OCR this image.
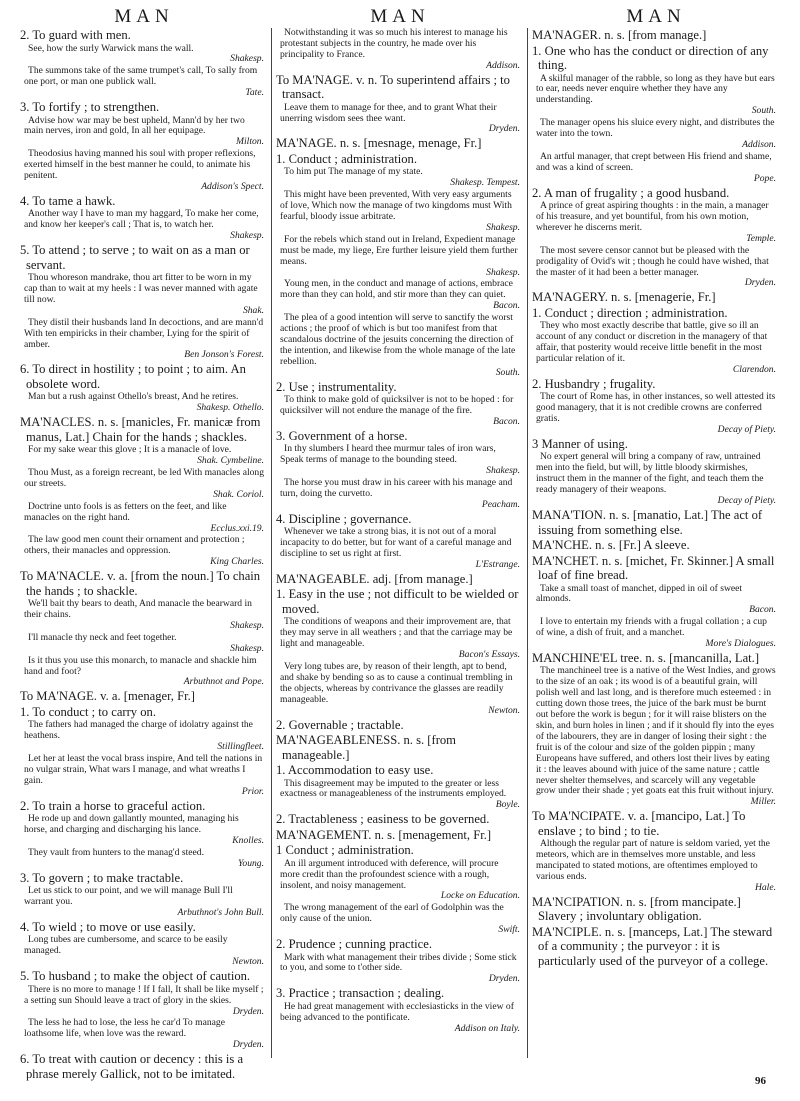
MAN	MAN	MAN

2. To guard with men.

See, how the surly Warwick mans the wall.

Shakesp.

The summons take of the same trumpet's call, To sally from one port, or man one publick wall.

Tate.

3. To fortify ; to strengthen.

Advise how war may be best upheld, Mann'd by her two main nerves, iron and gold, In all her equipage.

Milton.

Theodosius having manned his soul with proper reflexions, exerted himself in the best manner he could, to animate his penitent.

Addison's Spect.

4. To tame a hawk.

Another way I have to man my haggard, To make her come, and know her keeper's call ; That is, to watch her.

Shakesp.

5. To attend ; to serve ; to wait on as a man or servant.

Thou whoreson mandrake, thou art fitter to be worn in my cap than to wait at my heels : I was never manned with agate till now.

Shak.

They distil their husbands land In decoctions, and are mann'd With ten empiricks in their chamber, Lying for the spirit of amber.

Ben Jonson's Forest.

6. To direct in hostility ; to point ; to aim. An obsolete word.

Man but a rush against Othello's breast, And he retires.

Shakesp. Othello.

MA'NACLES. n. s. [manicles, Fr. manicæ from manus, Lat.] Chain for the hands ; shackles.

For my sake wear this glove ; It is a manacle of love.

Shak. Cymbeline.

Thou Must, as a foreign recreant, be led With manacles along our streets.

Shak. Coriol.

Doctrine unto fools is as fetters on the feet, and like manacles on the right hand.

Ecclus.xxi.19.

The law good men count their ornament and protection ; others, their manacles and oppression.

King Charles.

To MA'NACLE. v. a. [from the noun.] To chain the hands ; to shackle.

We'll bait thy bears to death, And manacle the bearward in their chains.

Shakesp.

I'll manacle thy neck and feet together.

Shakesp.

Is it thus you use this monarch, to manacle and shackle him hand and foot?

Arbuthnot and Pope.

To MA'NAGE. v. a. [menager, Fr.]

1. To conduct ; to carry on.

The fathers had managed the charge of idolatry against the heathens.

Stillingfleet.

Let her at least the vocal brass inspire, And tell the nations in no vulgar strain, What wars I manage, and what wreaths I gain.

Prior.

2. To train a horse to graceful action.

He rode up and down gallantly mounted, managing his horse, and charging and discharging his lance.

Knolles.

They vault from hunters to the manag'd steed.

Young.

3. To govern ; to make tractable.

Let us stick to our point, and we will manage Bull I'll warrant you.

Arbuthnot's John Bull.

4. To wield ; to move or use easily.

Long tubes are cumbersome, and scarce to be easily managed.

Newton.

5. To husband ; to make the object of caution.

There is no more to manage ! If I fall, It shall be like myself ; a setting sun Should leave a tract of glory in the skies.

Dryden.

The less he had to lose, the less he car'd To manage loathsome life, when love was the reward.

Dryden.

6. To treat with caution or decency : this is a phrase merely Gallick, not to be imitated.

Notwithstanding it was so much his interest to manage his protestant subjects in the country, he made over his principality to France.

Addison.

To MA'NAGE. v. n. To superintend affairs ; to transact.

Leave them to manage for thee, and to grant What their unerring wisdom sees thee want.

Dryden.

MA'NAGE. n. s. [mesnage, menage, Fr.]

1. Conduct ; administration.

To him put The manage of my state.

Shakesp. Tempest.

This might have been prevented, With very easy arguments of love, Which now the manage of two kingdoms must With fearful, bloody issue arbitrate.

Shakesp.

For the rebels which stand out in Ireland, Expedient manage must be made, my liege, Ere further leisure yield them further means.

Shakesp.

Young men, in the conduct and manage of actions, embrace more than they can hold, and stir more than they can quiet.

Bacon.

The plea of a good intention will serve to sanctify the worst actions ; the proof of which is but too manifest from that scandalous doctrine of the jesuits concerning the direction of the intention, and likewise from the whole manage of the late rebellion.

South.

2. Use ; instrumentality.

To think to make gold of quicksilver is not to be hoped : for quicksilver will not endure the manage of the fire.

Bacon.

3. Government of a horse.

In thy slumbers I heard thee murmur tales of iron wars, Speak terms of manage to the bounding steed.

Shakesp.

The horse you must draw in his career with his manage and turn, doing the curvetto.

Peacham.

4. Discipline ; governance.

Whenever we take a strong bias, it is not out of a moral incapacity to do better, but for want of a careful manage and discipline to set us right at first.

L'Estrange.

MA'NAGEABLE. adj. [from manage.]

1. Easy in the use ; not difficult to be wielded or moved.

The conditions of weapons and their improvement are, that they may serve in all weathers ; and that the carriage may be light and manageable.

Bacon's Essays.

Very long tubes are, by reason of their length, apt to bend, and shake by bending so as to cause a continual trembling in the objects, whereas by contrivance the glasses are readily manageable.

Newton.

2. Governable ; tractable.

MA'NAGEABLENESS. n. s. [from manageable.]

1. Accommodation to easy use.

This disagreement may be imputed to the greater or less exactness or manageableness of the instruments employed.

Boyle.

2. Tractableness ; easiness to be governed.

MA'NAGEMENT. n. s. [menagement, Fr.]

1 Conduct ; administration.

An ill argument introduced with deference, will procure more credit than the profoundest science with a rough, insolent, and noisy management.

Locke on Education.

The wrong management of the earl of Godolphin was the only cause of the union.

Swift.

2. Prudence ; cunning practice.

Mark with what management their tribes divide ; Some stick to you, and some to t'other side.

Dryden.

3. Practice ; transaction ; dealing.

He had great management with ecclesiasticks in the view of being advanced to the pontificate.

Addison on Italy.

MA'NAGER. n. s. [from manage.]

1. One who has the conduct or direction of any thing.

A skilful manager of the rabble, so long as they have but ears to ear, needs never enquire whether they have any understanding.

South.

The manager opens his sluice every night, and distributes the water into the town.

Addison.

An artful manager, that crept between His friend and shame, and was a kind of screen.

Pope.

2. A man of frugality ; a good husband.

A prince of great aspiring thoughts : in the main, a manager of his treasure, and yet bountiful, from his own motion, wherever he discerns merit.

Temple.

The most severe censor cannot but be pleased with the prodigality of Ovid's wit ; though he could have wished, that the master of it had been a better manager.

Dryden.

MA'NAGERY. n. s. [menagerie, Fr.]

1. Conduct ; direction ; administration.

They who most exactly describe that battle, give so ill an account of any conduct or discretion in the managery of that affair, that posterity would receive little benefit in the most particular relation of it.

Clarendon.

2. Husbandry ; frugality.

The court of Rome has, in other instances, so well attested its good managery, that it is not credible crowns are conferred gratis.

Decay of Piety.

3 Manner of using.

No expert general will bring a company of raw, untrained men into the field, but will, by little bloody skirmishes, instruct them in the manner of the fight, and teach them the ready managery of their weapons.

Decay of Piety.

MANA'TION. n. s. [manatio, Lat.] The act of issuing from something else.

MA'NCHE. n. s. [Fr.] A sleeve.

MA'NCHET. n. s. [michet, Fr. Skinner.] A small loaf of fine bread.

Take a small toast of manchet, dipped in oil of sweet almonds.

Bacon.

I love to entertain my friends with a frugal collation ; a cup of wine, a dish of fruit, and a manchet.

More's Dialogues.

MANCHINE'EL tree. n. s. [mancanilla, Lat.]

The manchineel tree is a native of the West Indies, and grows to the size of an oak ; its wood is of a beautiful grain, will polish well and last long, and is therefore much esteemed : in cutting down those trees, the juice of the bark must be burnt out before the work is begun ; for it will raise blisters on the skin, and burn holes in linen ; and if it should fly into the eyes of the labourers, they are in danger of losing their sight : the fruit is of the colour and size of the golden pippin ; many Europeans have suffered, and others lost their lives by eating it : the leaves abound with juice of the same nature ; cattle never shelter themselves, and scarcely will any vegetable grow under their shade ; yet goats eat this fruit without injury.

Miller.

To MA'NCIPATE. v. a. [mancipo, Lat.] To enslave ; to bind ; to tie.

Although the regular part of nature is seldom varied, yet the meteors, which are in themselves more unstable, and less mancipated to stated motions, are oftentimes employed to various ends.

Hale.

MA'NCIPATION. n. s. [from mancipate.] Slavery ; involuntary obligation.

MA'NCIPLE. n. s. [manceps, Lat.] The steward of a community ; the purveyor : it is particularly used of the purveyor of a college.

96
